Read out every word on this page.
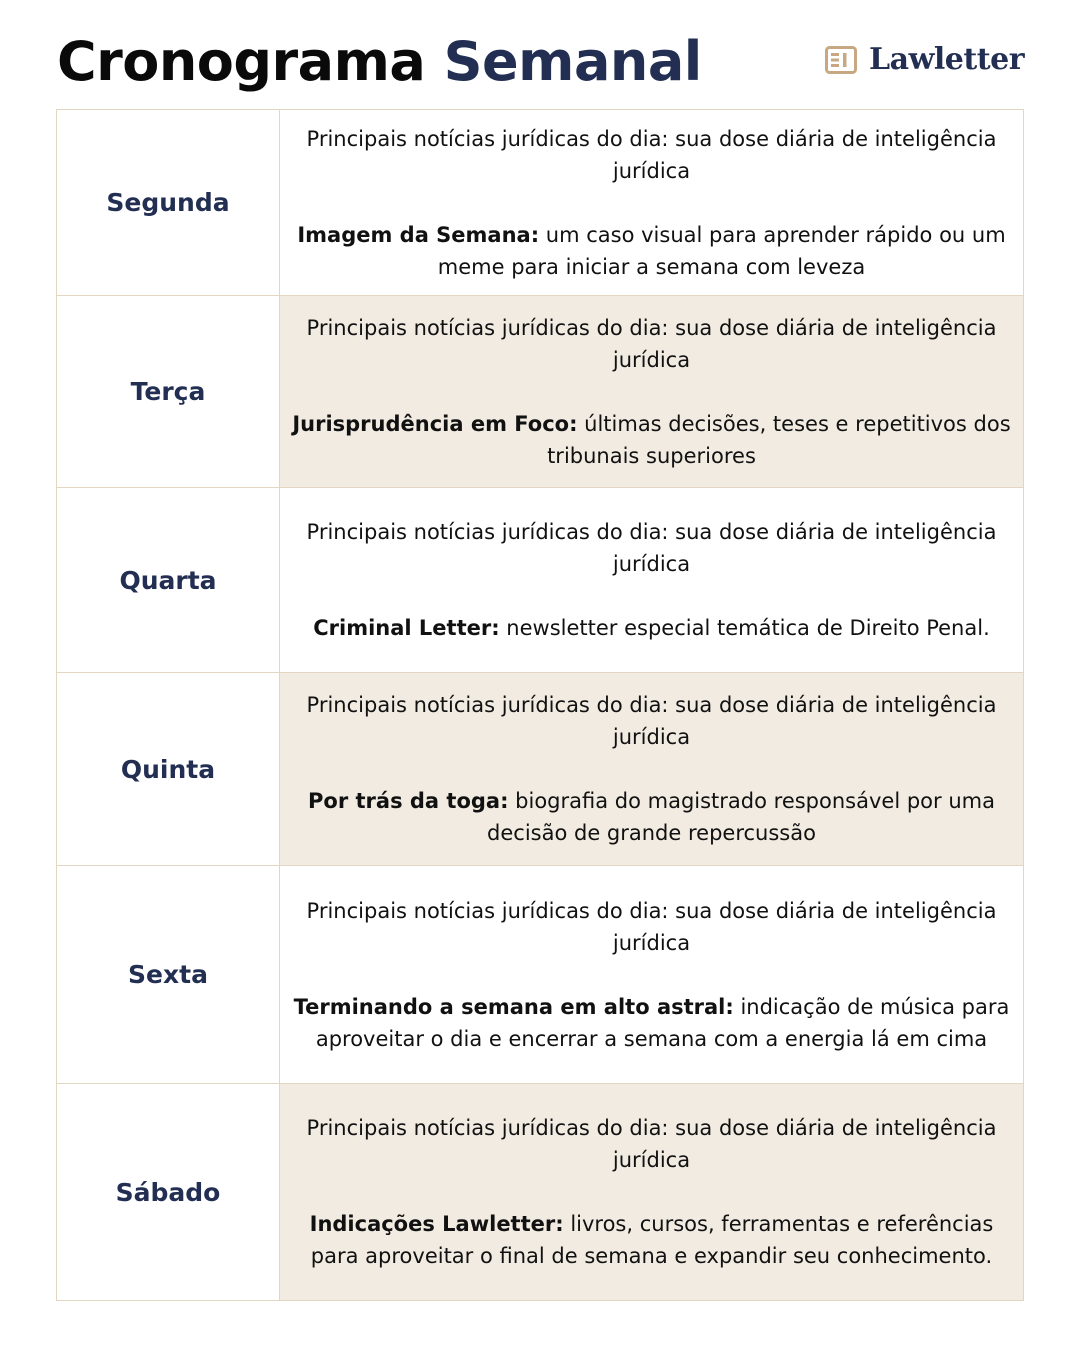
Cronograma Semanal	Lawletter
Segunda	Principais notícias jurídicas do dia: sua dose diária de inteligência jurídica

Imagem da Semana: um caso visual para aprender rápido ou um meme para iniciar a semana com leveza

Terça	Principais notícias jurídicas do dia: sua dose diária de inteligência jurídica

Jurisprudência em Foco: últimas decisões, teses e repetitivos dos tribunais superiores

Quarta	Principais notícias jurídicas do dia: sua dose diária de inteligência jurídica

Criminal Letter: newsletter especial temática de Direito Penal.

Quinta	Principais notícias jurídicas do dia: sua dose diária de inteligência jurídica

Por trás da toga: biografia do magistrado responsável por uma decisão de grande repercussão

Sexta	Principais notícias jurídicas do dia: sua dose diária de inteligência jurídica

Terminando a semana em alto astral: indicação de música para aproveitar o dia e encerrar a semana com a energia lá em cima

Sábado	Principais notícias jurídicas do dia: sua dose diária de inteligência jurídica

Indicações Lawletter: livros, cursos, ferramentas e referências para aproveitar o final de semana e expandir seu conhecimento.
